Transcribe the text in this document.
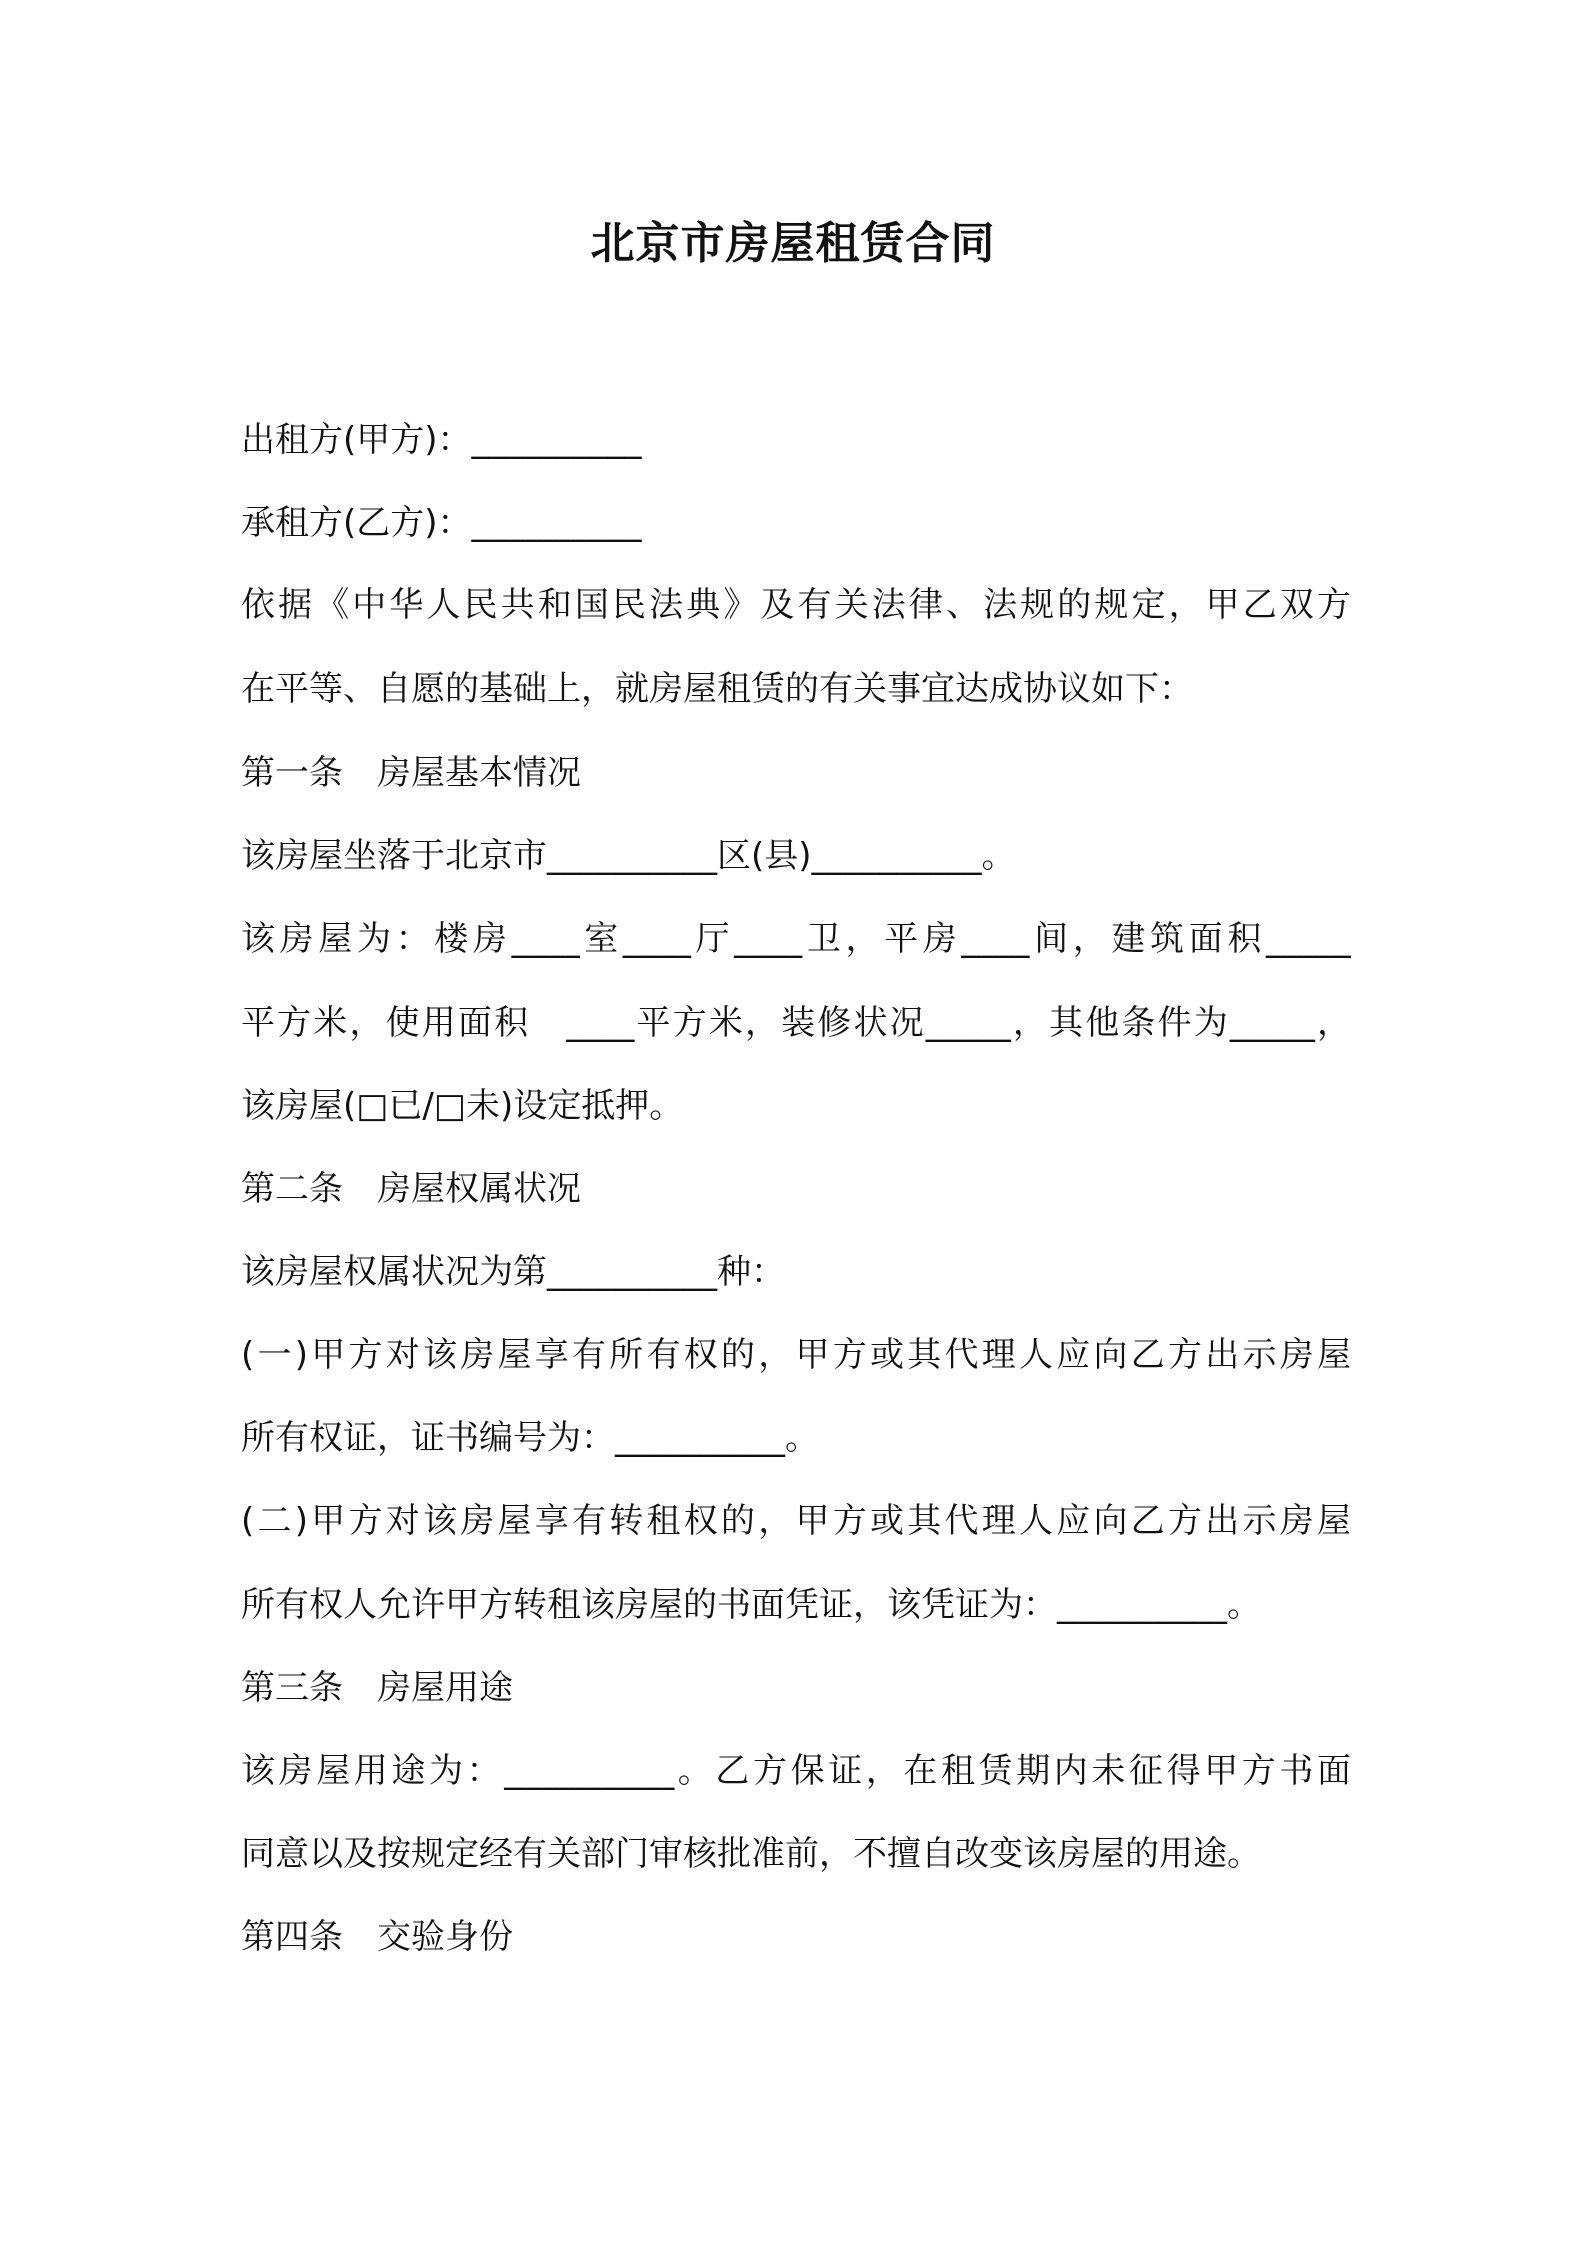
北京市房屋租赁合同
出租方(甲方)：__________
承租方(乙方)：__________
依据《中华人民共和国民法典》及有关法律、法规的规定，甲乙双方
在平等、自愿的基础上，就房屋租赁的有关事宜达成协议如下：
第一条　房屋基本情况
该房屋坐落于北京市__________区(县)__________。
该房屋为：楼房____室____厅____卫，平房____间，建筑面积_____
平方米，使用面积　____平方米，装修状况_____，其他条件为_____，
该房屋(□已/□未)设定抵押。
第二条　房屋权属状况
该房屋权属状况为第__________种：
(一)甲方对该房屋享有所有权的，甲方或其代理人应向乙方出示房屋
所有权证，证书编号为：__________。
(二)甲方对该房屋享有转租权的，甲方或其代理人应向乙方出示房屋
所有权人允许甲方转租该房屋的书面凭证，该凭证为：__________。
第三条　房屋用途
该房屋用途为：__________。乙方保证，在租赁期内未征得甲方书面
同意以及按规定经有关部门审核批准前，不擅自改变该房屋的用途。
第四条　交验身份
